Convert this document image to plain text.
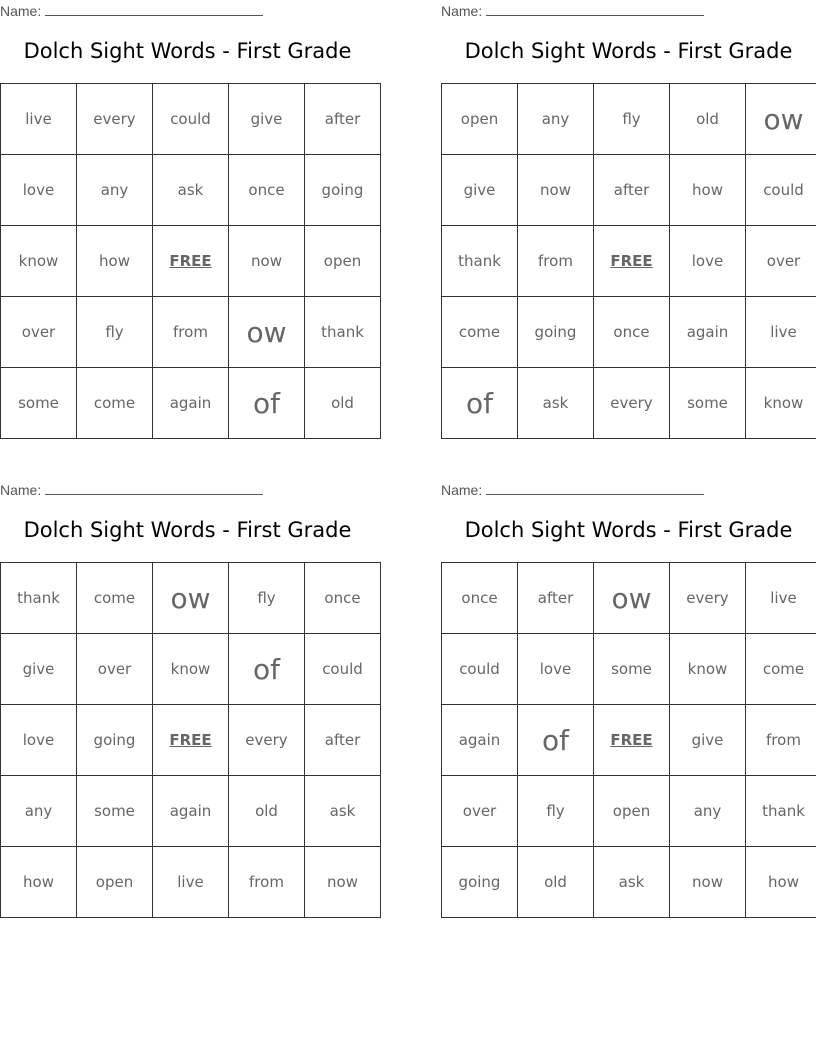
Name:
Dolch Sight Words - First Grade
live	every	could	give	after
love	any	ask	once	going
know	how	FREE	now	open
over	fly	from	ow	thank
some	come	again	of	old
Name:
Dolch Sight Words - First Grade
open	any	fly	old	ow
give	now	after	how	could
thank	from	FREE	love	over
come	going	once	again	live
of	ask	every	some	know
Name:
Dolch Sight Words - First Grade
thank	come	ow	fly	once
give	over	know	of	could
love	going	FREE	every	after
any	some	again	old	ask
how	open	live	from	now
Name:
Dolch Sight Words - First Grade
once	after	ow	every	live
could	love	some	know	come
again	of	FREE	give	from
over	fly	open	any	thank
going	old	ask	now	how
